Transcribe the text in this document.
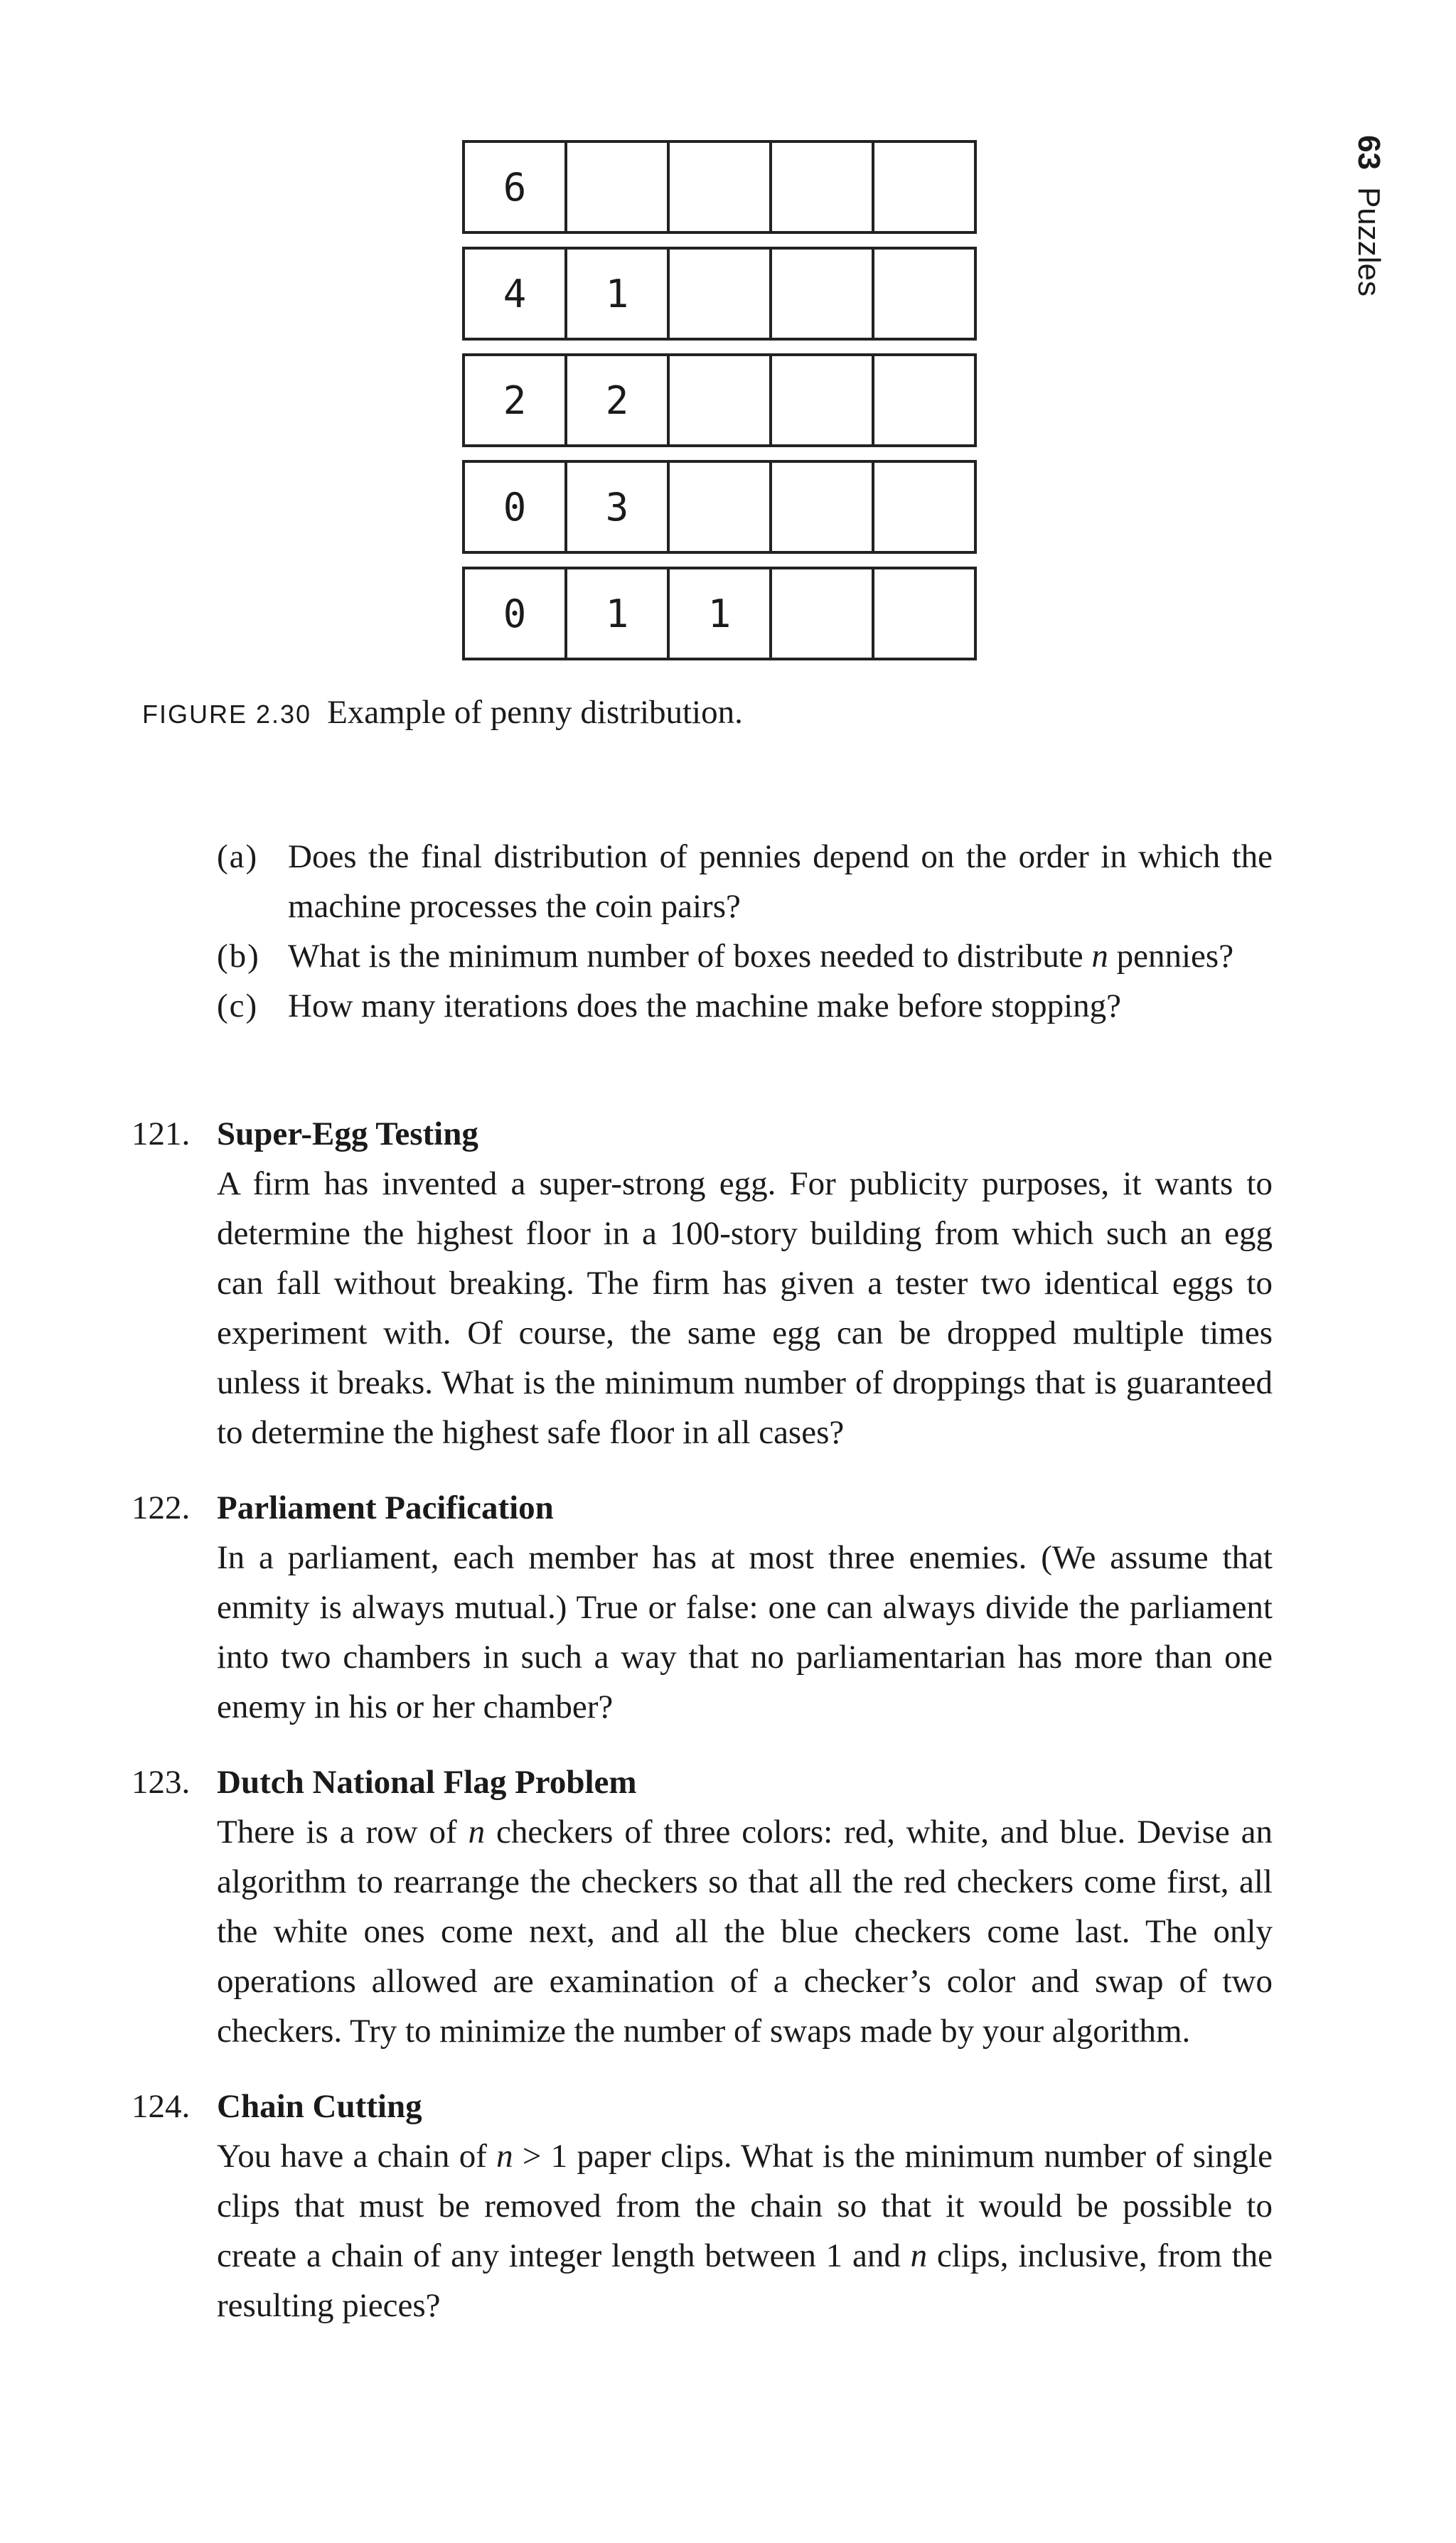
63Puzzles
6
4	1
2	2
0	3
0	1	1
FIGURE 2.30 Example of penny distribution.
(a) Does the final distribution of pennies depend on the order in which the machine processes the coin pairs?
(b) What is the minimum number of boxes needed to distribute n pennies?
(c) How many iterations does the machine make before stopping?
121. Super-Egg Testing
A firm has invented a super-strong egg. For publicity purposes, it wants to determine the highest floor in a 100-story building from which such an egg can fall without breaking. The firm has given a tester two identical eggs to experiment with. Of course, the same egg can be dropped multiple times unless it breaks. What is the minimum number of droppings that is guaranteed to determine the highest safe floor in all cases?
122. Parliament Pacification
In a parliament, each member has at most three enemies. (We assume that enmity is always mutual.) True or false: one can always divide the parliament into two chambers in such a way that no parliamentarian has more than one enemy in his or her chamber?
123. Dutch National Flag Problem
There is a row of n checkers of three colors: red, white, and blue. Devise an algorithm to rearrange the checkers so that all the red checkers come first, all the white ones come next, and all the blue checkers come last. The only operations allowed are examination of a checker’s color and swap of two checkers. Try to minimize the number of swaps made by your algorithm.
124. Chain Cutting
You have a chain of n > 1 paper clips. What is the minimum number of single clips that must be removed from the chain so that it would be possible to create a chain of any integer length between 1 and n clips, inclusive, from the resulting pieces?
